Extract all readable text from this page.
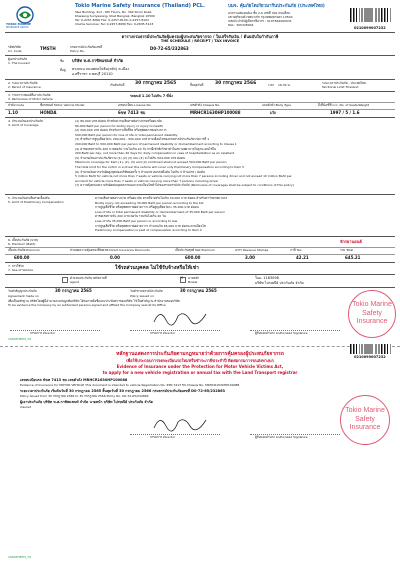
TOKIO MARINE
INSURANCE GROUP
Tokio Marine Safety Insurance (Thailand) PCL.
S&A Building, 2nd - 6th Floors, No. 302 Silom Road,
Khwaeng Suriyawong, Khet Bangrak, Bangkok 10500
Tel: 0-2257-8000 Fax: 0-2257-8104, 0-2257-8103
Claims Services: Tel: 0-2257-8080 Fax: 0-2635-5123
บมจ. คุ้มภัยโตเกียวมารีนประกันภัย (ประเทศไทย)
อาคารเอสแอนด์เอ ชั้น 2-6 เลขที่ 302 ถนนสีลม
แขวงสุริยวงศ์ เขตบางรัก กรุงเทพมหานคร 10500
เลขประจำตัวผู้เสียภาษีอากร : 0107564000031
ของ : 305328004
0210099007232
ตารางกรมธรรม์ประกันภัยคุ้มครองผู้ประสบภัยจากรถ / ใบเสร็จรับเงิน / ต้นฉบับใบกำกับภาษี
THE SCHEDULE / RECEIPT / TAX INVOICE
รหัสบริษัท
Co. Code	TMSTH	กรมธรรม์ประกันภัยเลขที่
Policy No.	D0-72-65/232863
ผู้เอาประกันภัย
1. The Insured	ชื่อ บริษัท ห.ศ.กาซิพแชนท์ จำกัด
ที่อยู่ ตรงถนน ถนนพหลโยธิน(หลัก) ต.เมือง
อ.ศรีราชา จ.ชลบุรี 20110
2. ระยะเวลาประกันภัย
2. Period of Insurance	เริ่มต้นวันที่ 30 กรกฎาคม 2565	สิ้นสุดวันที่	30 กรกฎาคม 2566	เวลา 16.30 น.	ระยะเวลาประกันภัย - ประเทศไทย
Territorial Limit Thailand
3. รายการรถยนต์ที่เอาประกันภัย
3. Particulars of Motor Vehicle
รถยนต์ 1.10 ไม่เกิน 7 ที่นั่ง
ลำดับ Code	ชื่อรถยนต์ Motor Vehicle Model	เลขทะเบียน License No.	เลขตัวถัง Chassis No.	แบบตัวถัง Body Type	ปี/ที่นั่ง/ซีซี C.C. No. of Seats/Weight
1.10	HONDA	6ขท 7413 ชบ	MRHCR1630HP100088	เก๋ง	1997 / 5 / 1.6
4. จำนวนเงินเอาประกันภัย
4. Limit of Coverage
(1) 80,000 บาท ต่อคน สำหรับความเสียหายต่อร่างกายหรืออนามัย
80,000 Baht per person for bodily injury or injury to health
(2) 500,000 บาท ต่อคน สำหรับการเสียชีวิต หรือทุพพลภาพอย่างถาวร
500,000 Baht per person for loss of life or total permanent disability
(3) สำหรับการสูญเสียอวัยวะ 200,000 - 500,000 บาท ตามเงื่อนไขของกรมธรรม์ประกันภัยรายการที่ 1
200,000 Baht to 500,000 Baht per person of permanent disability or dismemberment according to Clause 1
(4) ค่าชดเชยรายวัน 200 บาทต่อวัน รวมไม่เกิน 20 วัน กรณีเข้าพักรักษาตัวในสถานพยาบาลในฐานะคนไข้ใน
200 Baht per day, not more than 20 days for daily compensation in case of hospitalization as an inpatient
(5) จำนวนเงินเอาประกันภัยรวม (1) (2) (3) และ (4) จะไม่เกิน 504,000 บาท ต่อคน
Maximum coverage for item (1), (2), (3) and (4) combined shall not exceed 504,000 Baht per person
The total limit for the victim in a driver the vehicle will cover only Preliminary Compensation according to Item 5
(6) จำนวนเงินความรับผิดสูงสุดของบริษัทต่อครั้ง 5 ล้านบาท ต่อรถหนึ่งคัน ไม่เกิน 5 ล้านบาท / ต่อคัน
5 million Baht for vehicle not more than 7 seats or vehicle carrying not more than 7 persons including driver and not exceed 10 million Baht per
accident for vehicle more than 7 seats or vehicle carrying more than 7 persons including driver
(7) ความคุ้มครองความรับผิดต่อบุคคลภายนอก ตามเงื่อนไขทั่วไปของกรมธรรม์ประกันภัย (Particulars of coverages shall be subject to conditions of this policy)
5. จำนวนเงินค่าเสียหายเบื้องต้น
5. Limit of Preliminary Compensation
ความเสียหายต่อร่างกาย หรืออนามัย ตามที่จ่ายจริงไม่เกิน 30,000 บาท ต่อคน สำหรับค่ารักษาพยาบาล
Bodily injury not exceeding 30,000 Baht per person according to the bill
การสูญเสียชีวิต หรือทุพพลภาพอย่างถาวร หรือสูญเสียอวัยวะ 35,000 บาท ต่อคน
Loss of life or total permanent disability or dismemberment of 35,000 Baht per person
ค่าชดเชยรายวัน 200 บาท ต่อวัน รวมกันไม่เกิน 20 วัน
Loss of life 35,000 Baht per person or according to law
การสูญเสียชีวิต หรือทุพพลภาพอย่างถาวร จำนวนเงิน 65,000 บาท ต่อคน ตามเงื่อนไข
Preliminary Compensation is paid of compensation according to Item 4
6. เบี้ยประกันภัย (บาท)
6. Premium (Baht)	จักรยานยนต์
เบี้ยประกันภัย Premium	ส่วนลดความคุ้มครองที่ชดเชย Direct Insurance Discounts	เบี้ยประกันสุทธิ Net Premium	อากร Revenue Stamps	ภาษี Tax	รวม Total
600.00	0.00	600.00	3.00	42.21	645.21
7. การใช้รถ
7. Use of Vehicle	ใช้รถส่วนบุคคล ไม่ใช้รับจ้างหรือให้เช่า
ตัวแทนประกันวินาศภัยรายที่
Agent
✕ นายหน้า
Broker
ใบอ. 1163098
บริษัท ไปรษณีย์ ประกันภัย จำกัด
วันทำสัญญาประกันภัย	30 กรกฎาคม 2565
Agreement made on
วันทำกรมธรรม์ประกันภัย	30 กรกฎาคม 2565
Policy issued on
เพื่อเป็นหลักฐาน บริษัทโดยผู้มีอำนาจลงนามผูกพันบริษัท ได้ลงลายมือชื่อและประทับตราของบริษัท ไว้เป็นสำคัญ ณ สำนักงานของบริษัท
To be evidence the Company by an authorized persons signed and affixed the Company seal at its Office
กรรมการ Director	กรรมการ Director	ผู้รับมอบอำนาจ Authorized Signature
100STH6TH_72
Tokio Marine
Safety
Insurance
หลักฐานแสดงการประกันภัยตามกฎหมายว่าด้วยการคุ้มครองผู้ประสบภัยจากรถ
เพื่อใช้ประกอบการจดทะเบียนรถใหม่หรือชำระภาษีประจำปี ติดต่อกรมการขนส่งทางบก
Evidence of Insurance under the Protection for Motor Vehicle Victims Act,
to apply for a new vehicle registration or annual tax with the Land Transport registrar
0210099007232
เลขทะเบียนรถ 6ขท 7413 ชบ เลขตัวถัง MRHCR1630HP100088
Evidence of Insurance for MOTOR VEHICLE This document is intended to vehicle Registration No. 6ขท 7413 ชบ Chassis No. MRHCR1630HP100088
ระยะเวลาประกันภัย เริ่มต้นวันที่ 30 กรกฎาคม 2565 สิ้นสุดวันที่ 30 กรกฎาคม 2566 กรมธรรม์ประกันภัยเลขที่ D0-72-65/232863
Policy Issued from 30 กรกฎาคม 2565 to 30 กรกฎาคม 2566 Policy No. D0-72-65/232863
ผู้เอาประกันภัย บริษัท ห.ศ.กาซิพแชนท์ จำกัด นายหน้า บริษัท ไปรษณีย์ ประกันภัย จำกัด
Insured
กรรมการ Director	ผู้รับมอบอำนาจ Authorized Signature
Tokio Marine
Safety
Insurance
100STH6TH_72
